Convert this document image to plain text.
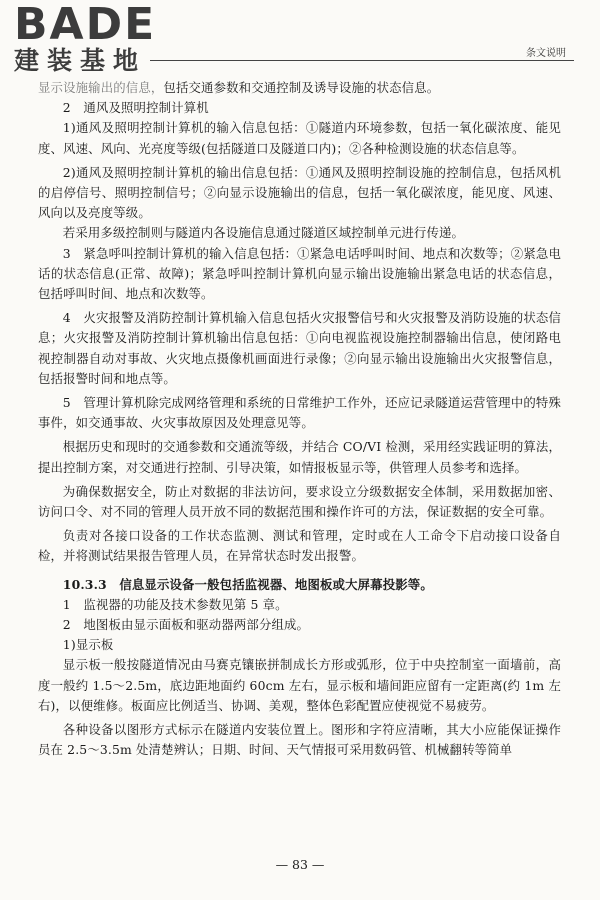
BADE
建装基地	条文说明

显示设施输出的信息，包括交通参数和交通控制及诱导设施的状态信息。

2　通风及照明控制计算机

1)通风及照明控制计算机的输入信息包括：①隧道内环境参数，包括一氧化碳浓度、能见度、风速、风向、光亮度等级(包括隧道口及隧道口内)；②各种检测设施的状态信息等。

2)通风及照明控制计算机的输出信息包括：①通风及照明控制设施的控制信息，包括风机的启停信号、照明控制信号；②向显示设施输出的信息，包括一氧化碳浓度，能见度、风速、风向以及亮度等级。

若采用多级控制则与隧道内各设施信息通过隧道区域控制单元进行传递。

3　紧急呼叫控制计算机的输入信息包括：①紧急电话呼叫时间、地点和次数等；②紧急电话的状态信息(正常、故障)；紧急呼叫控制计算机向显示输出设施输出紧急电话的状态信息，包括呼叫时间、地点和次数等。

4　火灾报警及消防控制计算机输入信息包括火灾报警信号和火灾报警及消防设施的状态信息；火灾报警及消防控制计算机输出信息包括：①向电视监视设施控制器输出信息，使闭路电视控制器自动对事故、火灾地点摄像机画面进行录像；②向显示输出设施输出火灾报警信息，包括报警时间和地点等。

5　管理计算机除完成网络管理和系统的日常维护工作外，还应记录隧道运营管理中的特殊事件，如交通事故、火灾事故原因及处理意见等。

根据历史和现时的交通参数和交通流等级，并结合 CO/VI 检测，采用经实践证明的算法，提出控制方案，对交通进行控制、引导决策，如情报板显示等，供管理人员参考和选择。

为确保数据安全，防止对数据的非法访问，要求设立分级数据安全体制，采用数据加密、访问口令、对不同的管理人员开放不同的数据范围和操作许可的方法，保证数据的安全可靠。

负责对各接口设备的工作状态监测、测试和管理，定时或在人工命令下启动接口设备自检，并将测试结果报告管理人员，在异常状态时发出报警。

10.3.3　信息显示设备一般包括监视器、地图板或大屏幕投影等。

1　监视器的功能及技术参数见第 5 章。

2　地图板由显示面板和驱动器两部分组成。

1)显示板

显示板一般按隧道情况由马赛克镶嵌拼制成长方形或弧形，位于中央控制室一面墙前，高度一般约 1.5～2.5m，底边距地面约 60cm 左右，显示板和墙间距应留有一定距离(约 1m 左右)，以便维修。板面应比例适当、协调、美观，整体色彩配置应使视觉不易疲劳。

各种设备以图形方式标示在隧道内安装位置上。图形和字符应清晰，其大小应能保证操作员在 2.5～3.5m 处清楚辨认；日期、时间、天气情报可采用数码管、机械翻转等简单

— 83 —
